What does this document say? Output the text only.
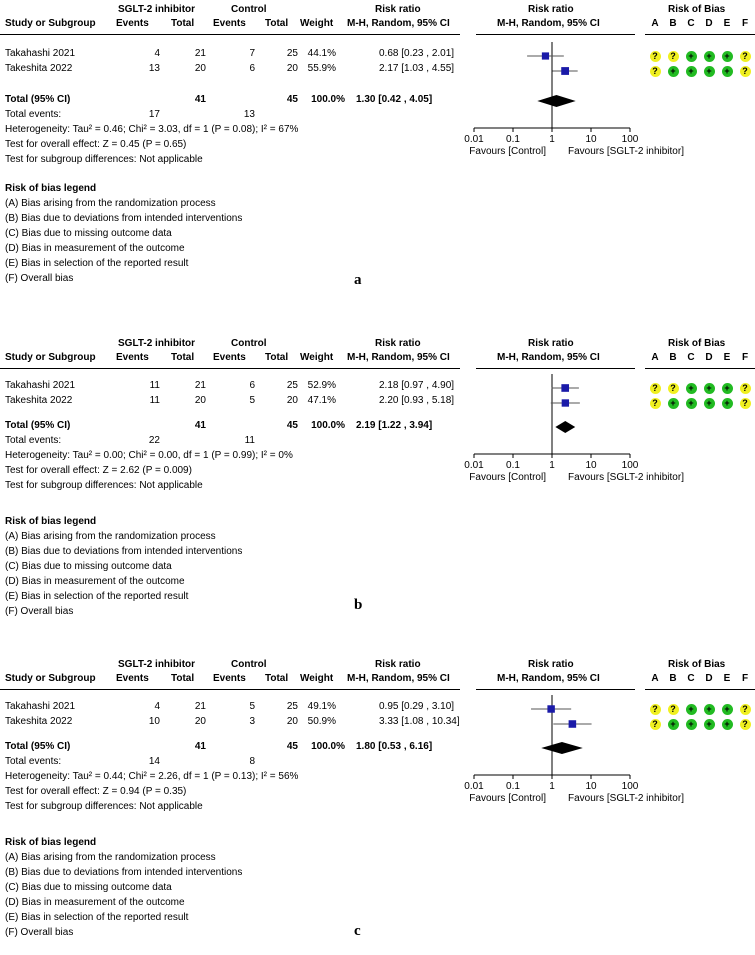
SGLT-2 inhibitor	Control	Risk ratio	Risk ratio	Risk of Bias
Study or Subgroup Events Total Events Total Weight M-H, Random, 95% CI	M-H, Random, 95% CI	A	B	C	D	E	F
Takahashi 2021	4	21	7	25 44.1%	0.68 [0.23 , 2.01]
Takeshita 2022	13	20	6	20 55.9%	2.17 [1.03 , 4.55]
Total (95% CI)	41	45	100.0% 1.30 [0.42 , 4.05]
Total events:	17	13
Heterogeneity: Tau² = 0.46; Chi² = 3.03, df = 1 (P = 0.08); I² = 67%
Test for overall effect: Z = 0.45 (P = 0.65)
Test for subgroup differences: Not applicable
Risk of bias legend
(A) Bias arising from the randomization process
(B) Bias due to deviations from intended interventions
(C) Bias due to missing outcome data
(D) Bias in measurement of the outcome
(E) Bias in selection of the reported result
(F) Overall bias	a
0.01 0.1	1	10	100
Favours [Control] Favours [SGLT-2 inhibitor]
?	?	+	+	+	?
?	+	+	+	+	?
SGLT-2 inhibitor	Control	Risk ratio	Risk ratio	Risk of Bias
Study or Subgroup Events Total Events Total Weight M-H, Random, 95% CI	M-H, Random, 95% CI	A	B	C	D	E	F
Takahashi 2021	11	21	6	25 52.9%	2.18 [0.97 , 4.90]
Takeshita 2022	11	20	5	20 47.1%	2.20 [0.93 , 5.18]
Total (95% CI)	41	45	100.0% 2.19 [1.22 , 3.94]
Total events:	22	11
Heterogeneity: Tau² = 0.00; Chi² = 0.00, df = 1 (P = 0.99); I² = 0%
Test for overall effect: Z = 2.62 (P = 0.009)
Test for subgroup differences: Not applicable
Risk of bias legend
(A) Bias arising from the randomization process
(B) Bias due to deviations from intended interventions
(C) Bias due to missing outcome data
(D) Bias in measurement of the outcome
(E) Bias in selection of the reported result
(F) Overall bias	b
0.01 0.1	1	10	100
Favours [Control] Favours [SGLT-2 inhibitor]
?	?	+	+	+	?
?	+	+	+	+	?
SGLT-2 inhibitor	Control	Risk ratio	Risk ratio	Risk of Bias
Study or Subgroup Events Total Events Total Weight M-H, Random, 95% CI	M-H, Random, 95% CI	A	B	C	D	E	F
Takahashi 2021	4	21	5	25 49.1%	0.95 [0.29 , 3.10]
Takeshita 2022	10	20	3	20 50.9%	3.33 [1.08 , 10.34]
Total (95% CI)	41	45	100.0% 1.80 [0.53 , 6.16]
Total events:	14	8
Heterogeneity: Tau² = 0.44; Chi² = 2.26, df = 1 (P = 0.13); I² = 56%
Test for overall effect: Z = 0.94 (P = 0.35)
Test for subgroup differences: Not applicable
Risk of bias legend
(A) Bias arising from the randomization process
(B) Bias due to deviations from intended interventions
(C) Bias due to missing outcome data
(D) Bias in measurement of the outcome
(E) Bias in selection of the reported result
(F) Overall bias	c
0.01 0.1	1	10	100
Favours [Control] Favours [SGLT-2 inhibitor]
?	?	+	+	+	?
?	+	+	+	+	?
